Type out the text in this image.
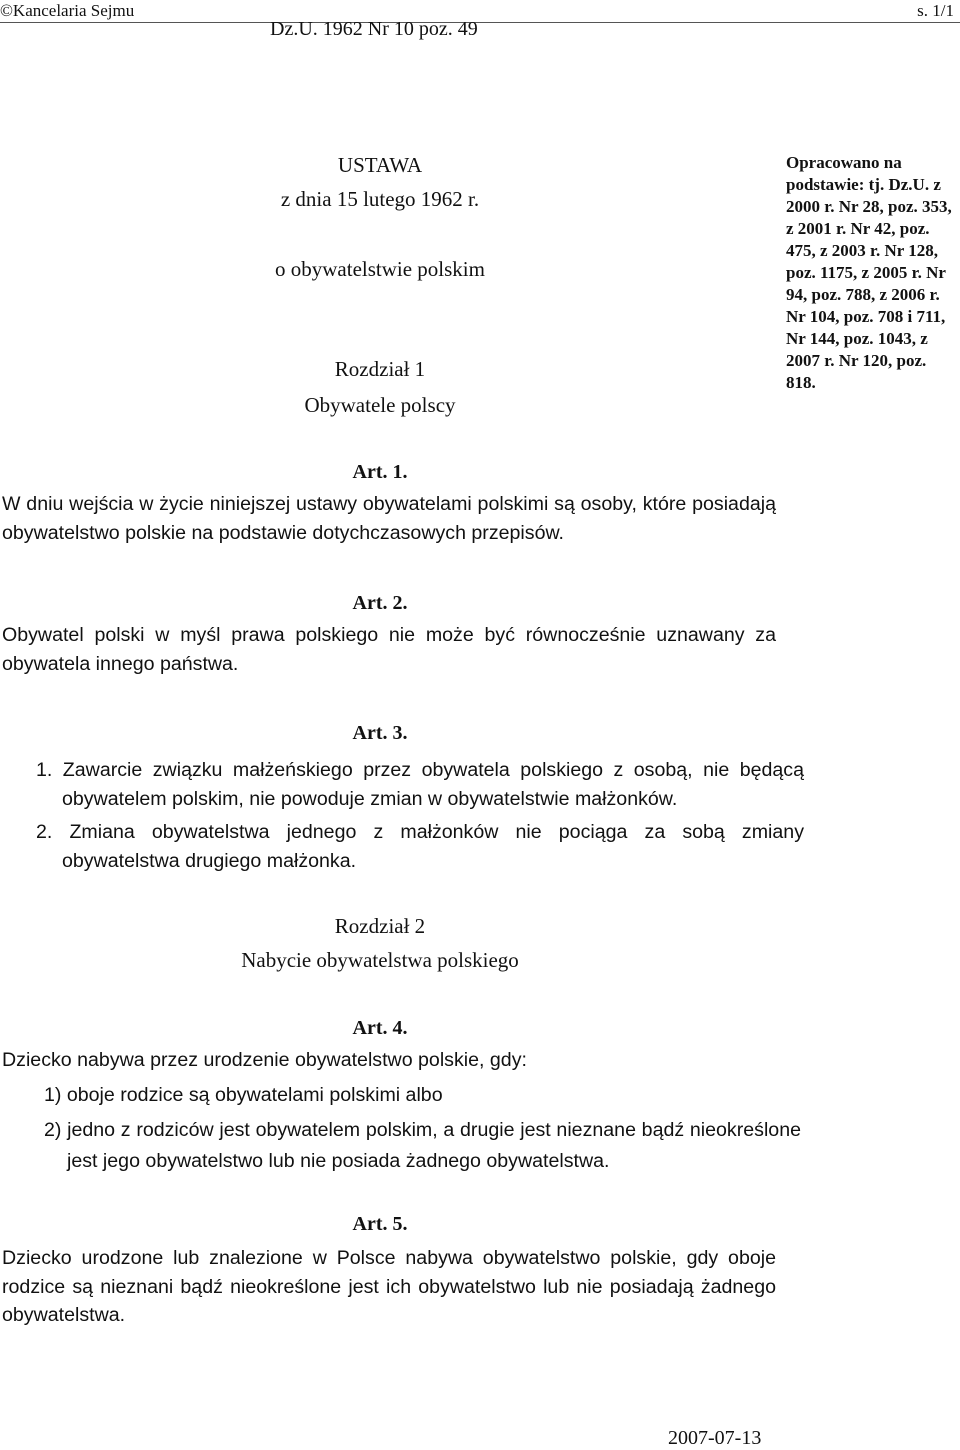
©Kancelaria Sejmu	s. 1/1
Dz.U. 1962 Nr 10 poz. 49
USTAWA
z dnia 15 lutego 1962 r.
o obywatelstwie polskim
Opracowano na podstawie: tj. Dz.U. z 2000 r. Nr 28, poz. 353, z 2001 r. Nr 42, poz. 475, z 2003 r. Nr 128, poz. 1175, z 2005 r. Nr 94, poz. 788, z 2006 r. Nr 104, poz. 708 i 711, Nr 144, poz. 1043, z 2007 r. Nr 120, poz. 818.
Rozdział 1
Obywatele polscy
Art. 1.
W dniu wejścia w życie niniejszej ustawy obywatelami polskimi są osoby, które posiadają obywatelstwo polskie na podstawie dotychczasowych przepisów.
Art. 2.
Obywatel polski w myśl prawa polskiego nie może być równocześnie uznawany za obywatela innego państwa.
Art. 3.
1. Zawarcie związku małżeńskiego przez obywatela polskiego z osobą, nie będącą obywatelem polskim, nie powoduje zmian w obywatelstwie małżonków.
2. Zmiana obywatelstwa jednego z małżonków nie pociąga za sobą zmiany obywatelstwa drugiego małżonka.
Rozdział 2
Nabycie obywatelstwa polskiego
Art. 4.
Dziecko nabywa przez urodzenie obywatelstwo polskie, gdy:
1) oboje rodzice są obywatelami polskimi albo
2) jedno z rodziców jest obywatelem polskim, a drugie jest nieznane bądź nieokreślone jest jego obywatelstwo lub nie posiada żadnego obywatelstwa.
Art. 5.
Dziecko urodzone lub znalezione w Polsce nabywa obywatelstwo polskie, gdy oboje rodzice są nieznani bądź nieokreślone jest ich obywatelstwo lub nie posiadają żadnego obywatelstwa.
2007-07-13
